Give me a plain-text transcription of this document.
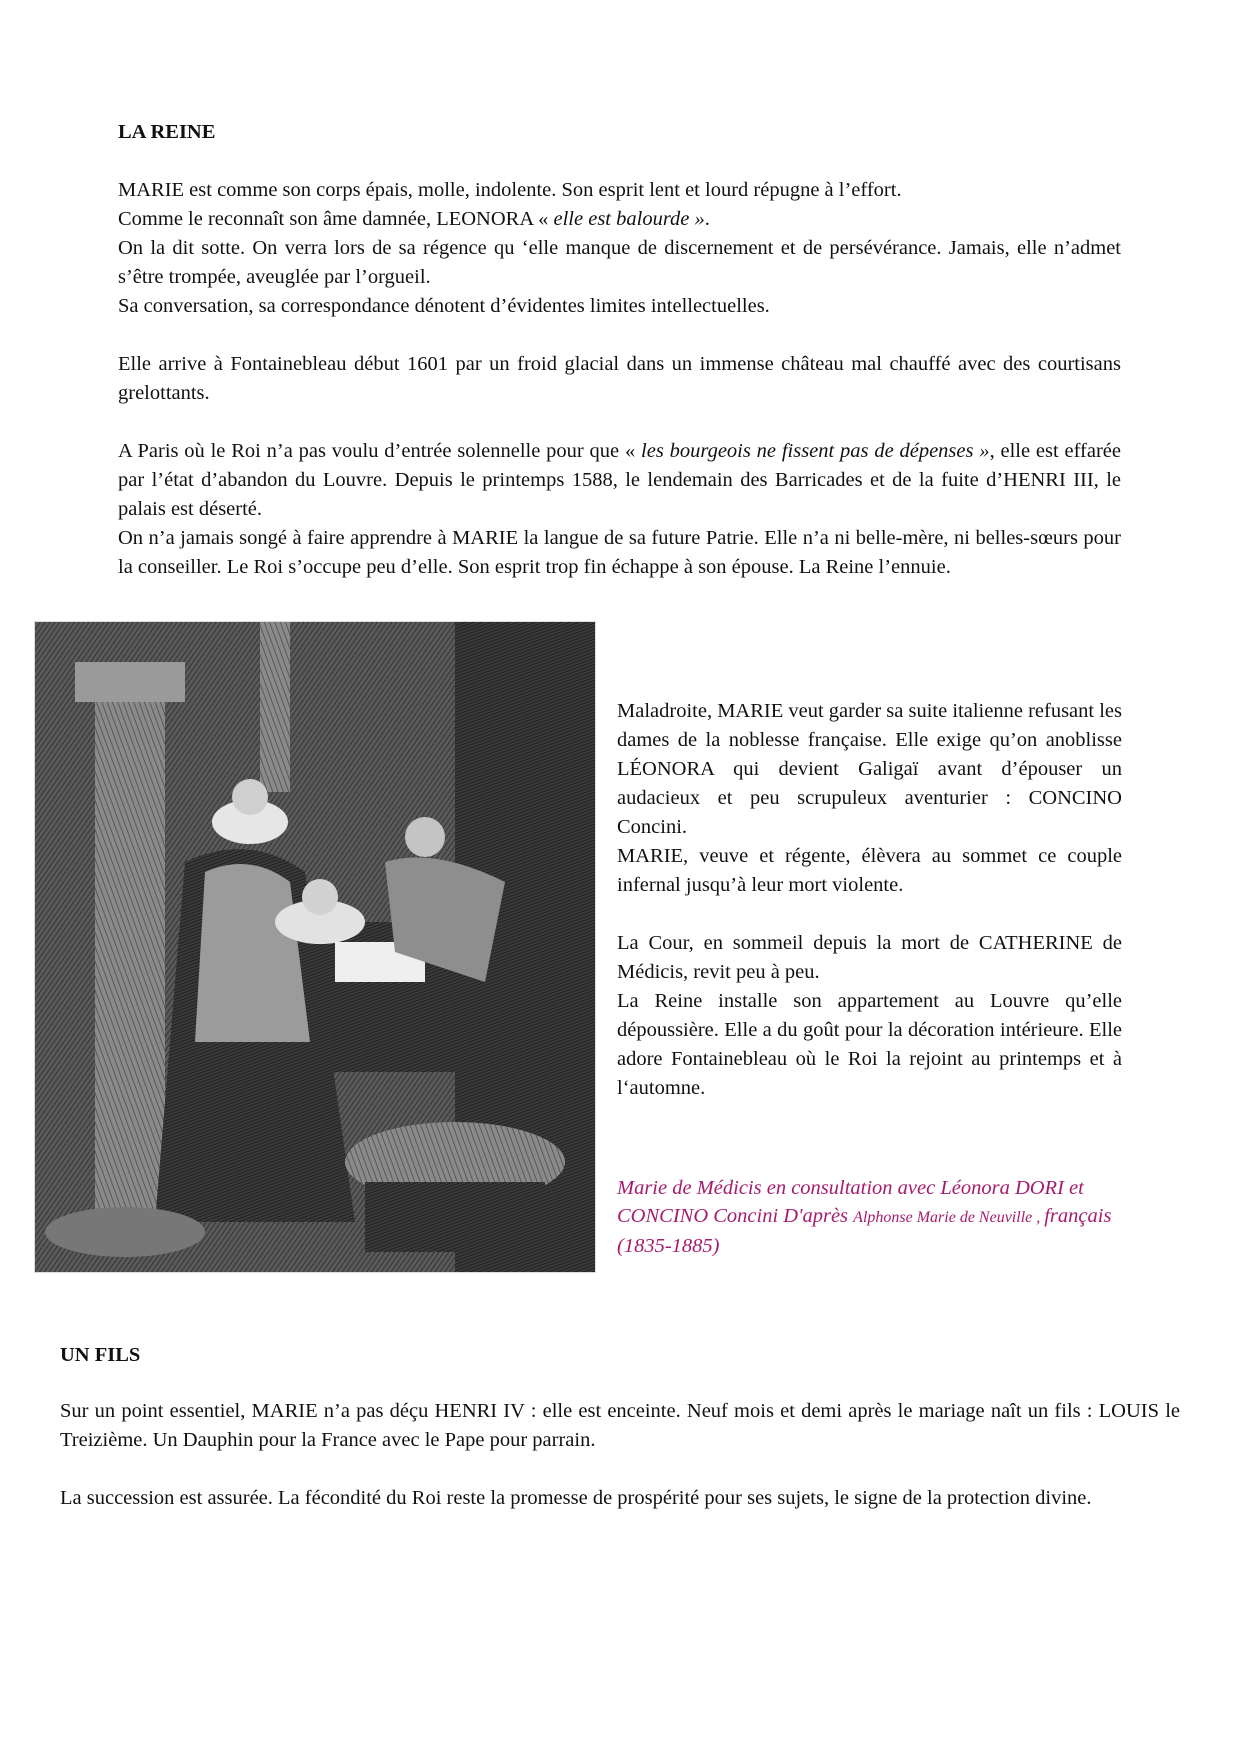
LA REINE

MARIE est comme son corps épais, molle, indolente. Son esprit lent et lourd répugne à l’effort.

Comme le reconnaît son âme damnée, LEONORA « elle est balourde ».

On la dit sotte. On verra lors de sa régence qu ‘elle manque de discernement et de persévérance. Jamais, elle n’admet s’être trompée, aveuglée par l’orgueil.

Sa conversation, sa correspondance dénotent d’évidentes limites intellectuelles.

Elle arrive à Fontainebleau début 1601 par un froid glacial dans un immense château mal chauffé avec des courtisans grelottants.

A Paris où le Roi n’a pas voulu d’entrée solennelle pour que « les bourgeois ne fissent pas de dépenses », elle est effarée par l’état d’abandon du Louvre. Depuis le printemps 1588, le lendemain des Barricades et de la fuite d’HENRI III, le palais est déserté.

On n’a jamais songé à faire apprendre à MARIE la langue de sa future Patrie. Elle n’a ni belle-mère, ni belles-sœurs pour la conseiller. Le Roi s’occupe peu d’elle. Son esprit trop fin échappe à son épouse. La Reine l’ennuie.

Maladroite, MARIE veut garder sa suite italienne refusant les dames de la noblesse française. Elle exige qu’on anoblisse LÉONORA qui devient Galigaï avant d’épouser un audacieux et peu scrupuleux aventurier : CONCINO Concini.

MARIE, veuve et régente, élèvera au sommet ce couple infernal jusqu’à leur mort violente.

La Cour, en sommeil depuis la mort de CATHERINE de Médicis, revit peu à peu.

La Reine installe son appartement au Louvre qu’elle dépoussière. Elle a du goût pour la décoration intérieure. Elle adore Fontainebleau où le Roi la rejoint au printemps et à l‘automne.

Marie de Médicis en consultation avec Léonora DORI et CONCINO Concini D'après Alphonse Marie de Neuville , français (1835-1885)
UN FILS

Sur un point essentiel, MARIE n’a pas déçu HENRI IV : elle est enceinte. Neuf mois et demi après le mariage naît un fils : LOUIS le Treizième. Un Dauphin pour la France avec le Pape pour parrain.

La succession est assurée. La fécondité du Roi reste la promesse de prospérité pour ses sujets, le signe de la protection divine.
